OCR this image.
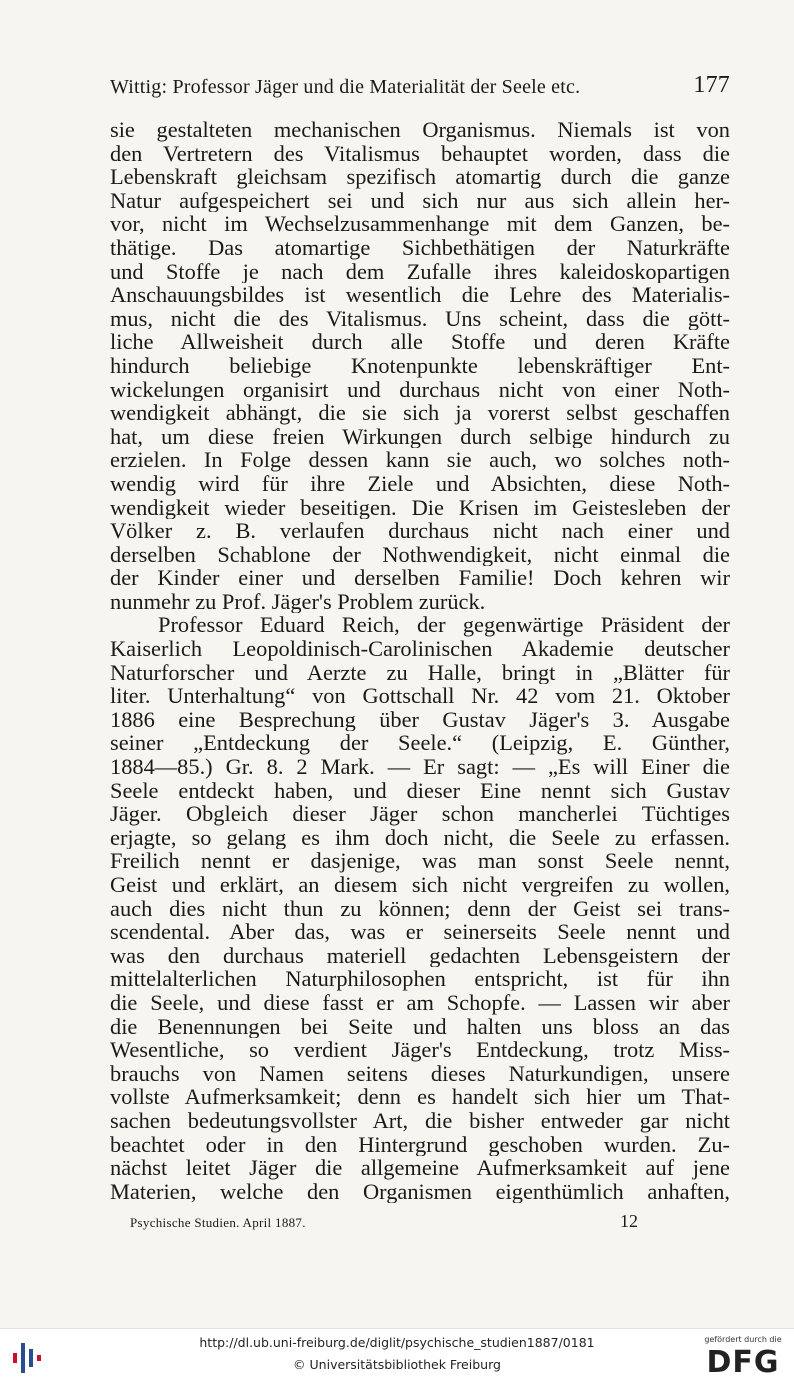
Wittig: Professor Jäger und die Materialität der Seele etc.	177
sie gestalteten mechanischen Organismus. Niemals ist von
den Vertretern des Vitalismus behauptet worden, dass die
Lebenskraft gleichsam spezifisch atomartig durch die ganze
Natur aufgespeichert sei und sich nur aus sich allein her-
vor, nicht im Wechselzusammenhange mit dem Ganzen, be-
thätige. Das atomartige Sichbethätigen der Naturkräfte
und Stoffe je nach dem Zufalle ihres kaleidoskopartigen
Anschauungsbildes ist wesentlich die Lehre des Materialis-
mus, nicht die des Vitalismus. Uns scheint, dass die gött-
liche Allweisheit durch alle Stoffe und deren Kräfte
hindurch beliebige Knotenpunkte lebenskräftiger Ent-
wickelungen organisirt und durchaus nicht von einer Noth-
wendigkeit abhängt, die sie sich ja vorerst selbst geschaffen
hat, um diese freien Wirkungen durch selbige hindurch zu
erzielen. In Folge dessen kann sie auch, wo solches noth-
wendig wird für ihre Ziele und Absichten, diese Noth-
wendigkeit wieder beseitigen. Die Krisen im Geistesleben der
Völker z. B. verlaufen durchaus nicht nach einer und
derselben Schablone der Nothwendigkeit, nicht einmal die
der Kinder einer und derselben Familie! Doch kehren wir
nunmehr zu Prof. Jäger's Problem zurück.
Professor Eduard Reich, der gegenwärtige Präsident der
Kaiserlich Leopoldinisch-Carolinischen Akademie deutscher
Naturforscher und Aerzte zu Halle, bringt in „Blätter für
liter. Unterhaltung“ von Gottschall Nr. 42 vom 21. Oktober
1886 eine Besprechung über Gustav Jäger's 3. Ausgabe
seiner „Entdeckung der Seele.“ (Leipzig, E. Günther,
1884—85.) Gr. 8. 2 Mark. — Er sagt: — „Es will Einer die
Seele entdeckt haben, und dieser Eine nennt sich Gustav
Jäger. Obgleich dieser Jäger schon mancherlei Tüchtiges
erjagte, so gelang es ihm doch nicht, die Seele zu erfassen.
Freilich nennt er dasjenige, was man sonst Seele nennt,
Geist und erklärt, an diesem sich nicht vergreifen zu wollen,
auch dies nicht thun zu können; denn der Geist sei trans-
scendental. Aber das, was er seinerseits Seele nennt und
was den durchaus materiell gedachten Lebensgeistern der
mittelalterlichen Naturphilosophen entspricht, ist für ihn
die Seele, und diese fasst er am Schopfe. — Lassen wir aber
die Benennungen bei Seite und halten uns bloss an das
Wesentliche, so verdient Jäger's Entdeckung, trotz Miss-
brauchs von Namen seitens dieses Naturkundigen, unsere
vollste Aufmerksamkeit; denn es handelt sich hier um That-
sachen bedeutungsvollster Art, die bisher entweder gar nicht
beachtet oder in den Hintergrund geschoben wurden. Zu-
nächst leitet Jäger die allgemeine Aufmerksamkeit auf jene
Materien, welche den Organismen eigenthümlich anhaften,
Psychische Studien. April 1887.	12
http://dl.ub.uni-freiburg.de/diglit/psychische_studien1887/0181
© Universitätsbibliothek Freiburg
gefördert durch die
DFG
